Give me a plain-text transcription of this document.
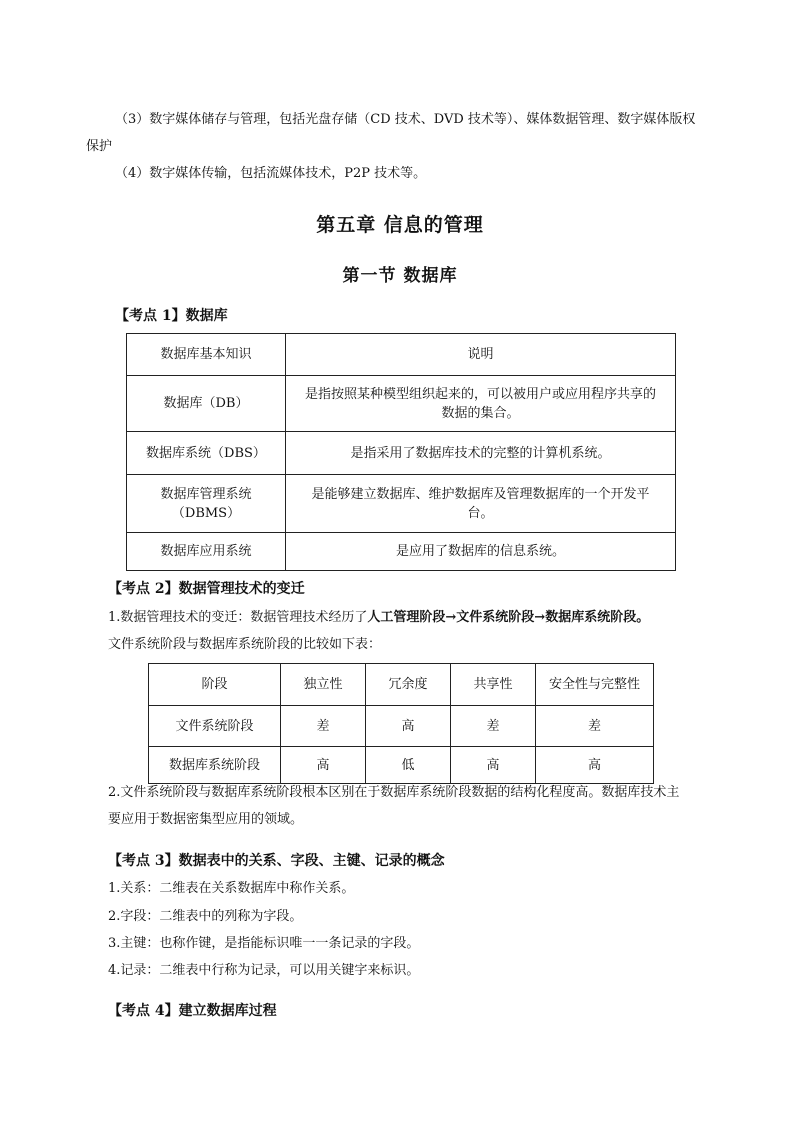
（3）数字媒体储存与管理，包括光盘存储（CD 技术、DVD 技术等）、媒体数据管理、数字媒体版权
保护
（4）数字媒体传输，包括流媒体技术，P2P 技术等。
第五章 信息的管理
第一节 数据库
【考点 1】数据库
数据库基本知识	说明
数据库（DB）	是指按照某种模型组织起来的，可以被用户或应用程序共享的数据的集合。
数据库系统（DBS）	是指采用了数据库技术的完整的计算机系统。
数据库管理系统（DBMS）	是能够建立数据库、维护数据库及管理数据库的一个开发平台。
数据库应用系统	是应用了数据库的信息系统。
【考点 2】数据管理技术的变迁
1.数据管理技术的变迁：数据管理技术经历了人工管理阶段→文件系统阶段→数据库系统阶段。
文件系统阶段与数据库系统阶段的比较如下表：
阶段	独立性	冗余度	共享性	安全性与完整性
文件系统阶段	差	高	差	差
数据库系统阶段	高	低	高	高
2.文件系统阶段与数据库系统阶段根本区别在于数据库系统阶段数据的结构化程度高。数据库技术主
要应用于数据密集型应用的领域。
【考点 3】数据表中的关系、字段、主键、记录的概念
1.关系：二维表在关系数据库中称作关系。
2.字段：二维表中的列称为字段。
3.主键：也称作键，是指能标识唯一一条记录的字段。
4.记录：二维表中行称为记录，可以用关键字来标识。
【考点 4】建立数据库过程
